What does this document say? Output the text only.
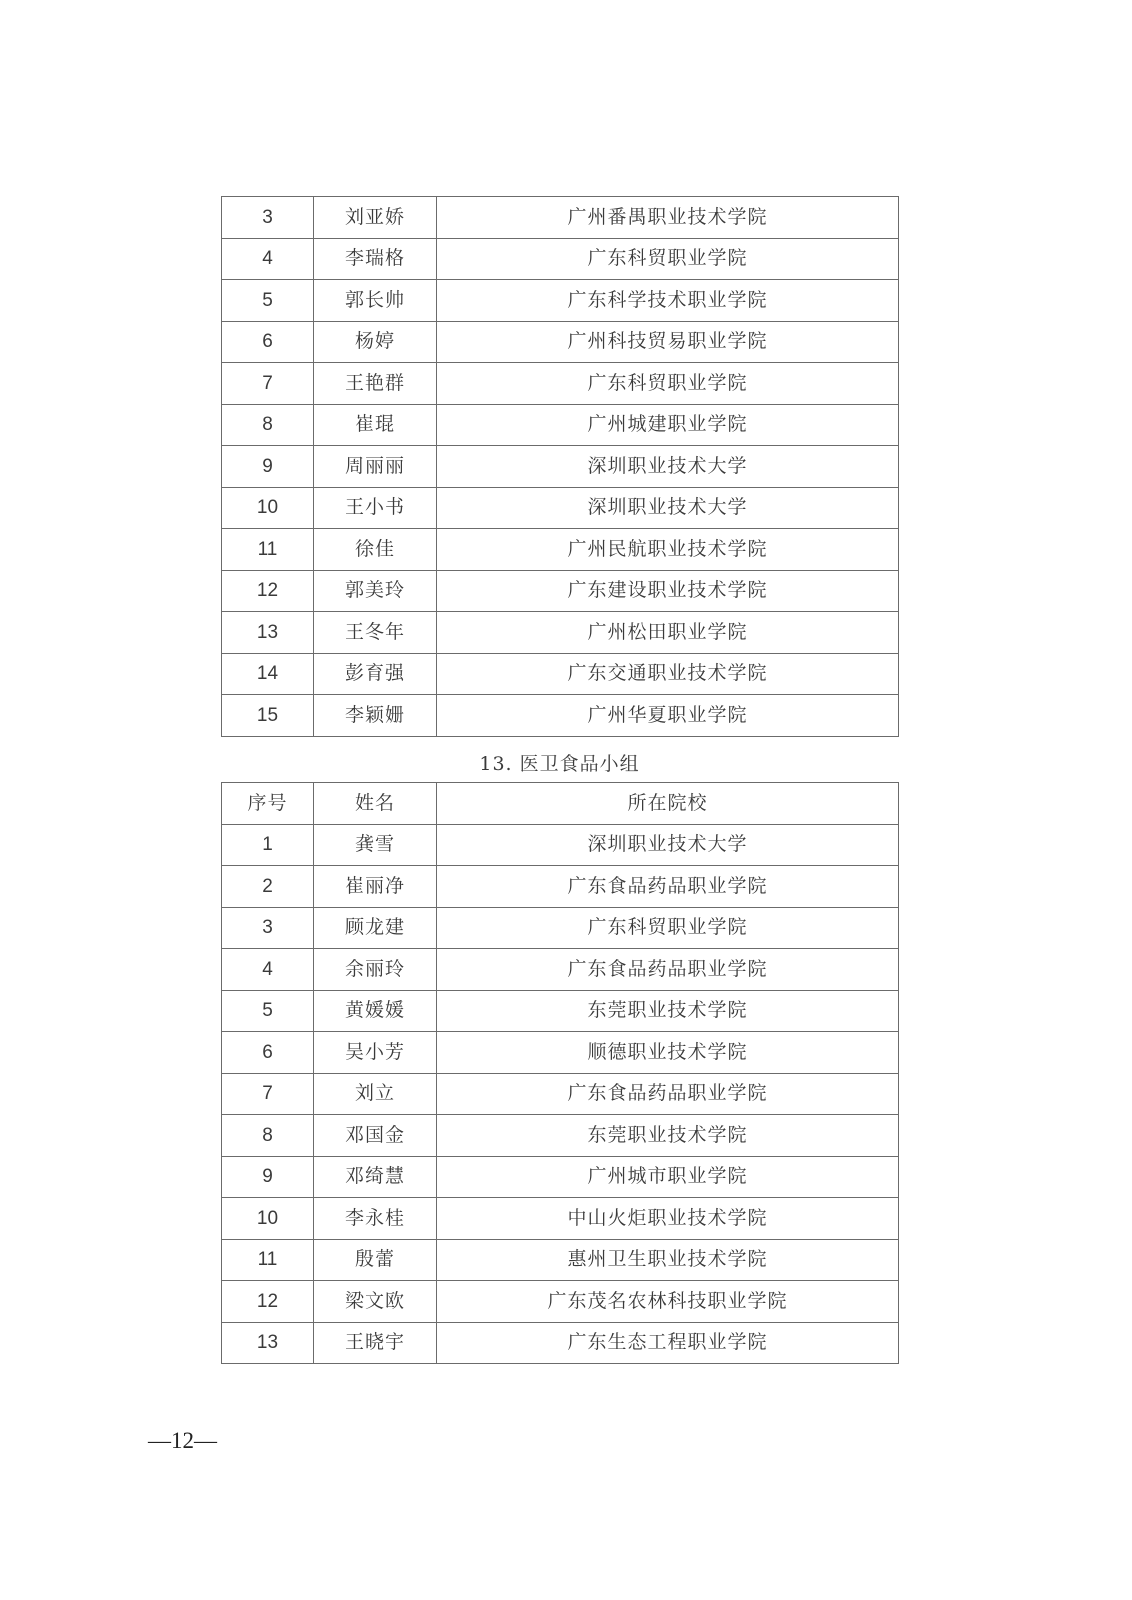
3	刘亚娇	广州番禺职业技术学院
4	李瑞格	广东科贸职业学院
5	郭长帅	广东科学技术职业学院
6	杨婷	广州科技贸易职业学院
7	王艳群	广东科贸职业学院
8	崔琨	广州城建职业学院
9	周丽丽	深圳职业技术大学
10	王小书	深圳职业技术大学
11	徐佳	广州民航职业技术学院
12	郭美玲	广东建设职业技术学院
13	王冬年	广州松田职业学院
14	彭育强	广东交通职业技术学院
15	李颖姗	广州华夏职业学院
13. 医卫食品小组
序号	姓名	所在院校
1	龚雪	深圳职业技术大学
2	崔丽净	广东食品药品职业学院
3	顾龙建	广东科贸职业学院
4	余丽玲	广东食品药品职业学院
5	黄媛媛	东莞职业技术学院
6	吴小芳	顺德职业技术学院
7	刘立	广东食品药品职业学院
8	邓国金	东莞职业技术学院
9	邓绮慧	广州城市职业学院
10	李永桂	中山火炬职业技术学院
11	殷蕾	惠州卫生职业技术学院
12	梁文欧	广东茂名农林科技职业学院
13	王晓宇	广东生态工程职业学院
—12—
